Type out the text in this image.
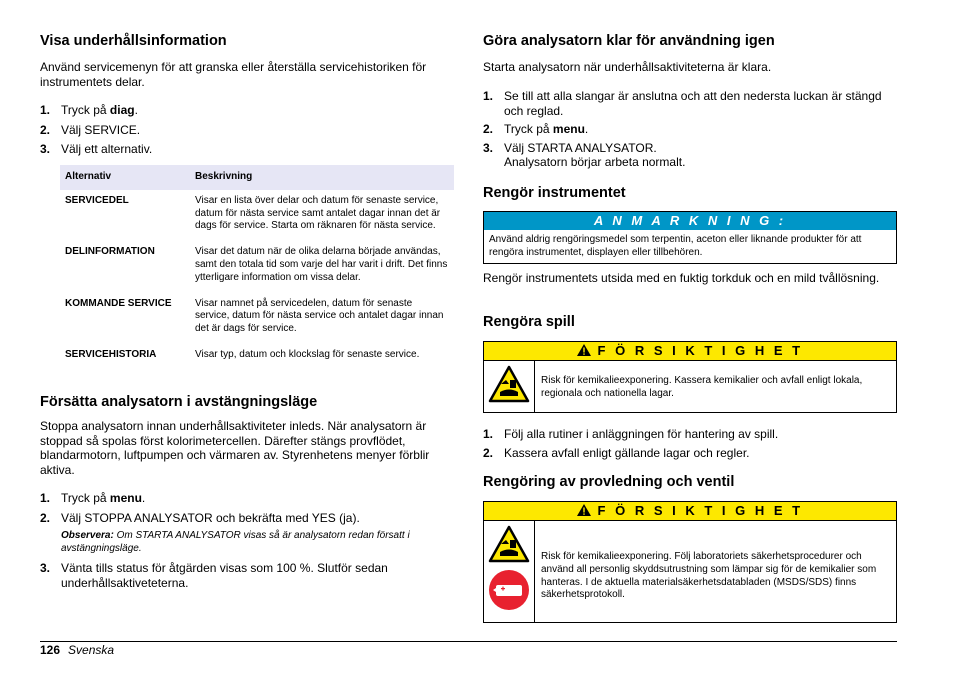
Visa underhållsinformation

Använd servicemenyn för att granska eller återställa servicehistoriken för instrumentets delar.

1. Tryck på diag.
2. Välj SERVICE.
3. Välj ett alternativ.
Alternativ	Beskrivning
SERVICEDEL	Visar en lista över delar och datum för senaste service, datum för nästa service samt antalet dagar innan det är dags för service. Starta om räknaren för nästa service.
DELINFORMATION	Visar det datum när de olika delarna började användas, samt den totala tid som varje del har varit i drift. Det finns ytterligare information om vissa delar.
KOMMANDE SERVICE	Visar namnet på servicedelen, datum för senaste service, datum för nästa service och antalet dagar innan det är dags för service.
SERVICEHISTORIA	Visar typ, datum och klockslag för senaste service.
Försätta analysatorn i avstängningsläge

Stoppa analysatorn innan underhållsaktiviteter inleds. När analysatorn är stoppad så spolas först kolorimetercellen. Därefter stängs provflödet, blandarmotorn, luftpumpen och värmaren av. Styrenhetens menyer förblir aktiva.

1. Tryck på menu.
2. Välj STOPPA ANALYSATOR och bekräfta med YES (ja).
Observera: Om STARTA ANALYSATOR visas så är analysatorn redan försatt i avstängningsläge.
3. Vänta tills status för åtgärden visas som 100 %. Slutför sedan underhållsaktiveteterna.
Göra analysatorn klar för användning igen

Starta analysatorn när underhållsaktiviteterna är klara.

1. Se till att alla slangar är anslutna och att den nedersta luckan är stängd och reglad.
2. Tryck på menu.
3. Välj STARTA ANALYSATOR.
Analysatorn börjar arbeta normalt.
Rengör instrumentet
A N M A R K N I N G :
Använd aldrig rengöringsmedel som terpentin, aceton eller liknande produkter för att rengöra instrumentet, displayen eller tillbehören.

Rengör instrumentets utsida med en fuktig torkduk och en mild tvållösning.

Rengöra spill
F Ö R S I K T I G H E T
Risk för kemikalieexponering. Kassera kemikalier och avfall enligt lokala, regionala och nationella lagar.
1. Följ alla rutiner i anläggningen för hantering av spill.
2. Kassera avfall enligt gällande lagar och regler.
Rengöring av provledning och ventil
F Ö R S I K T I G H E T
Risk för kemikalieexponering. Följ laboratoriets säkerhetsprocedurer och använd all personlig skyddsutrustning som lämpar sig för de kemikalier som hanteras. I de aktuella materialsäkerhetsdatabladen (MSDS/SDS) finns säkerhetsprotokoll.
126 Svenska
